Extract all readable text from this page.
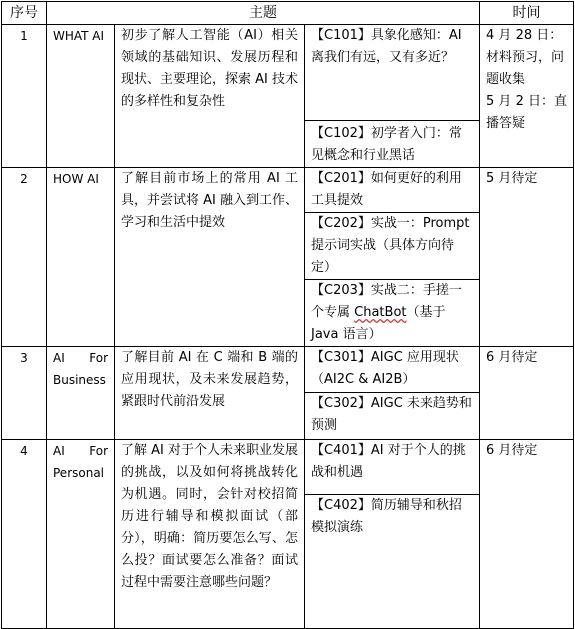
序号	主题			时间
1	WHAT AI	初步了解人工智能（AI）相关领域的基础知识、发展历程和现状、主要理论，探索 AI 技术的多样性和复杂性	【C101】具象化感知：AI 离我们有远，又有多近？	4 月 28 日：材料预习，问题收集
5 月 2 日：直播答疑

			【C102】初学者入门：常见概念和行业黑话	
2	HOW AI	了解目前市场上的常用 AI 工具，并尝试将 AI 融入到工作、学习和生活中提效	【C201】如何更好的利用工具提效	5 月待定

			【C202】实战一：Prompt 提示词实战（具体方向待定）	
			【C203】实战二：手搓一个专属 ChatBot（基于 Java 语言）	
3	AI For Business	了解目前 AI 在 C 端和 B 端的应用现状，及未来发展趋势，紧跟时代前沿发展	【C301】AIGC 应用现状（AI2C & AI2B）	6 月待定

			【C302】AIGC 未来趋势和预测	
4	AI For Personal	了解 AI 对于个人未来职业发展的挑战，以及如何将挑战转化为机遇。同时，会针对校招简历进行辅导和模拟面试（部分），明确：简历要怎么写、怎么投？面试要怎么准备？面试过程中需要注意哪些问题？	【C401】AI 对于个人的挑战和机遇	6 月待定

			【C402】简历辅导和秋招模拟演练	
